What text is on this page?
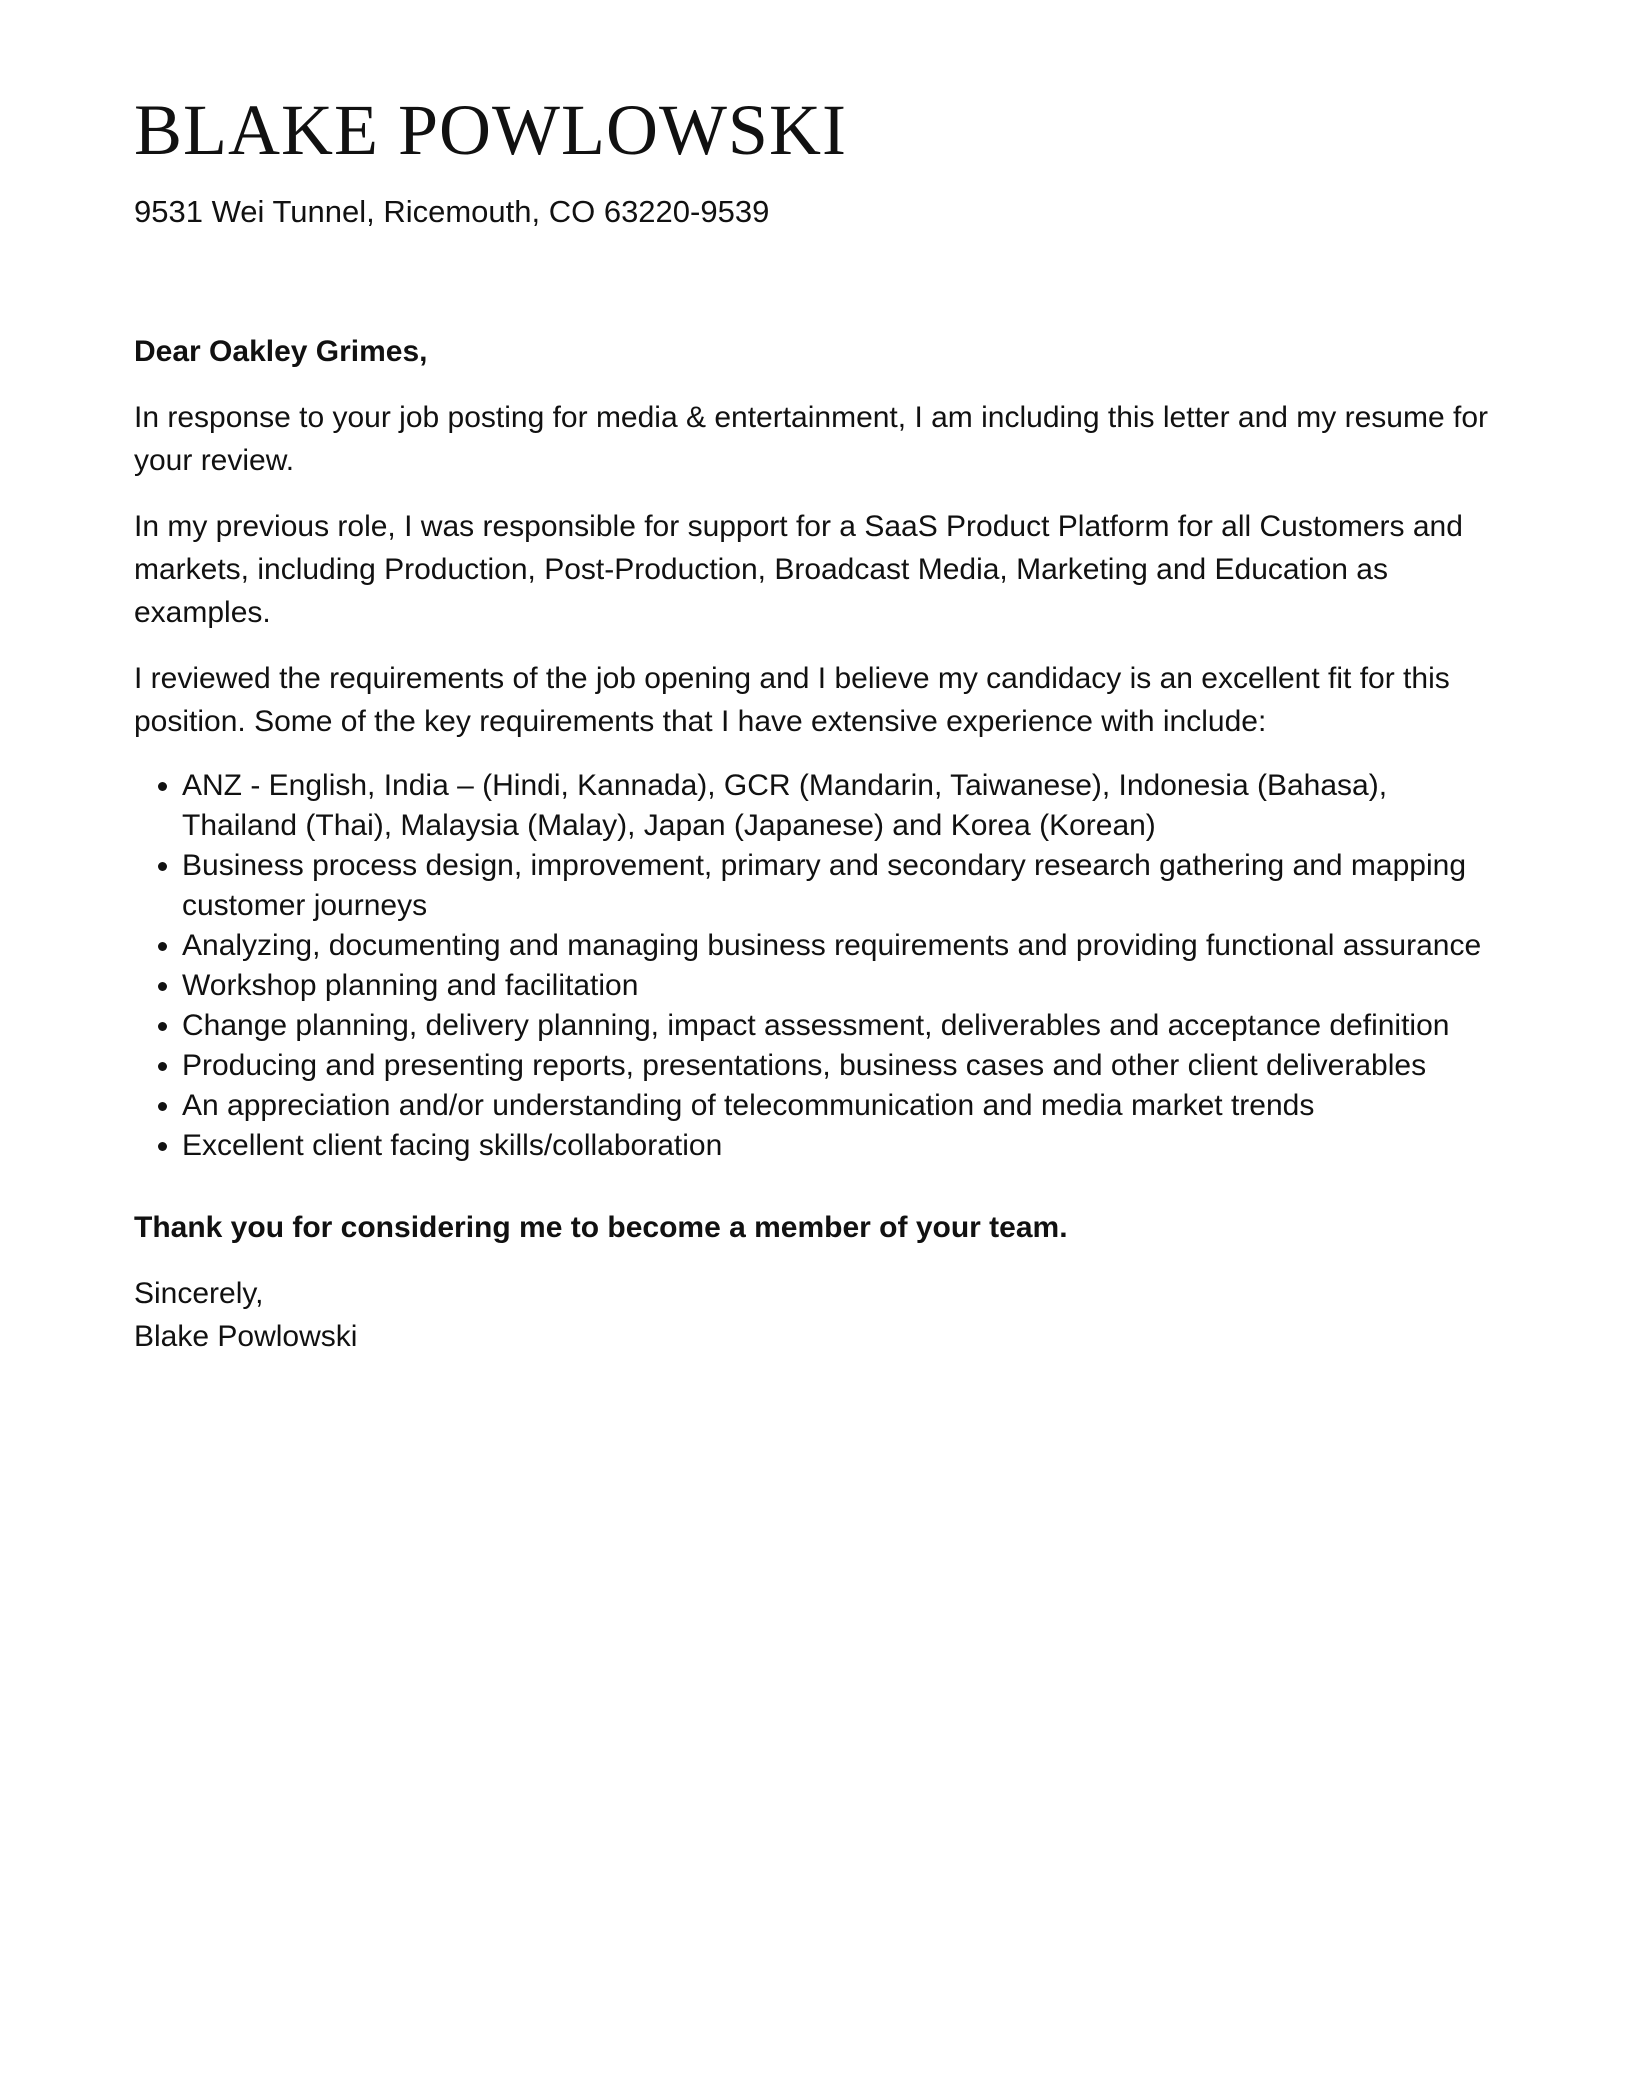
BLAKE POWLOWSKI
9531 Wei Tunnel, Ricemouth, CO 63220-9539

Dear Oakley Grimes,

In response to your job posting for media & entertainment, I am including this letter and my resume for your review.

In my previous role, I was responsible for support for a SaaS Product Platform for all Customers and markets, including Production, Post-Production, Broadcast Media, Marketing and Education as examples.

I reviewed the requirements of the job opening and I believe my candidacy is an excellent fit for this position. Some of the key requirements that I have extensive experience with include:

• ANZ - English, India – (Hindi, Kannada), GCR (Mandarin, Taiwanese), Indonesia (Bahasa), Thailand (Thai), Malaysia (Malay), Japan (Japanese) and Korea (Korean)
• Business process design, improvement, primary and secondary research gathering and mapping customer journeys
• Analyzing, documenting and managing business requirements and providing functional assurance
• Workshop planning and facilitation
• Change planning, delivery planning, impact assessment, deliverables and acceptance definition
• Producing and presenting reports, presentations, business cases and other client deliverables
• An appreciation and/or understanding of telecommunication and media market trends
• Excellent client facing skills/collaboration

Thank you for considering me to become a member of your team.

Sincerely,
Blake Powlowski
